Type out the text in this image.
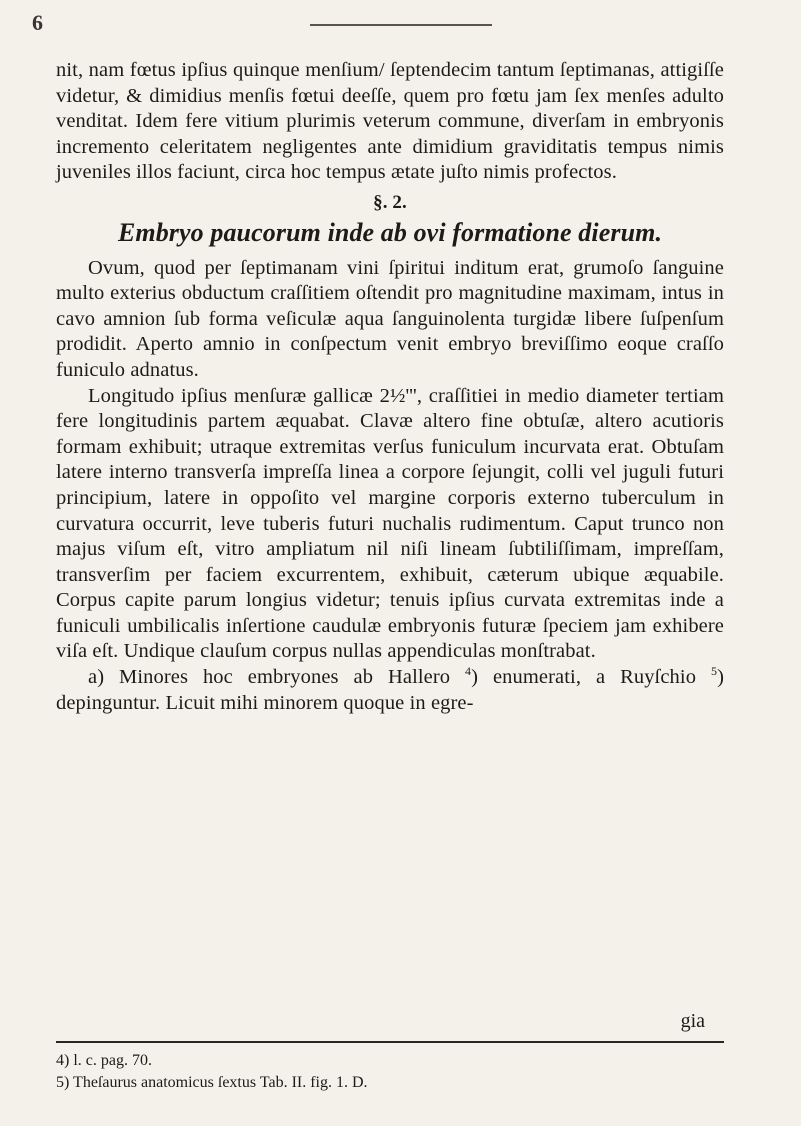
6

nit, nam fœtus ipſius quinque menſium/ ſeptendecim tantum ſeptimanas, attigiſſe videtur, & dimidius menſis fœtui deeſſe, quem pro fœtu jam ſex menſes adulto venditat. Idem fere vitium plurimis veterum commune, diverſam in embryonis incremento celeritatem negligentes ante dimidium graviditatis tempus nimis juveniles illos faciunt, circa hoc tempus ætate juſto nimis profectos.

§. 2.
Embryo paucorum inde ab ovi formatione dierum.

Ovum, quod per ſeptimanam vini ſpiritui inditum erat, grumoſo ſanguine multo exterius obductum craſſitiem oſtendit pro magnitudine maximam, intus in cavo amnion ſub forma veſiculæ aqua ſanguinolenta turgidæ libere ſuſpenſum prodidit. Aperto amnio in conſpectum venit embryo breviſſimo eoque craſſo funiculo adnatus.

Longitudo ipſius menſuræ gallicæ 2½''', craſſitiei in medio diameter tertiam fere longitudinis partem æquabat. Clavæ altero fine obtuſæ, altero acutioris formam exhibuit; utraque extremitas verſus funiculum incurvata erat. Obtuſam latere interno transverſa impreſſa linea a corpore ſejungit, colli vel juguli futuri principium, latere in oppoſito vel margine corporis externo tuberculum in curvatura occurrit, leve tuberis futuri nuchalis rudimentum. Caput trunco non majus viſum eſt, vitro ampliatum nil niſi lineam ſubtiliſſimam, impreſſam, transverſim per faciem excurrentem, exhibuit, cæterum ubique æquabile. Corpus capite parum longius videtur; tenuis ipſius curvata extremitas inde a funiculi umbilicalis inſertione caudulæ embryonis futuræ ſpeciem jam exhibere viſa eſt. Undique clauſum corpus nullas appendiculas monſtrabat.

a) Minores hoc embryones ab Hallero $^4$) enumerati, a Ruyſchio $^5$) depinguntur. Licuit mihi minorem quoque in egre-

gia
4) l. c. pag. 70.
5) Theſaurus anatomicus ſextus Tab. II. fig. 1. D.
